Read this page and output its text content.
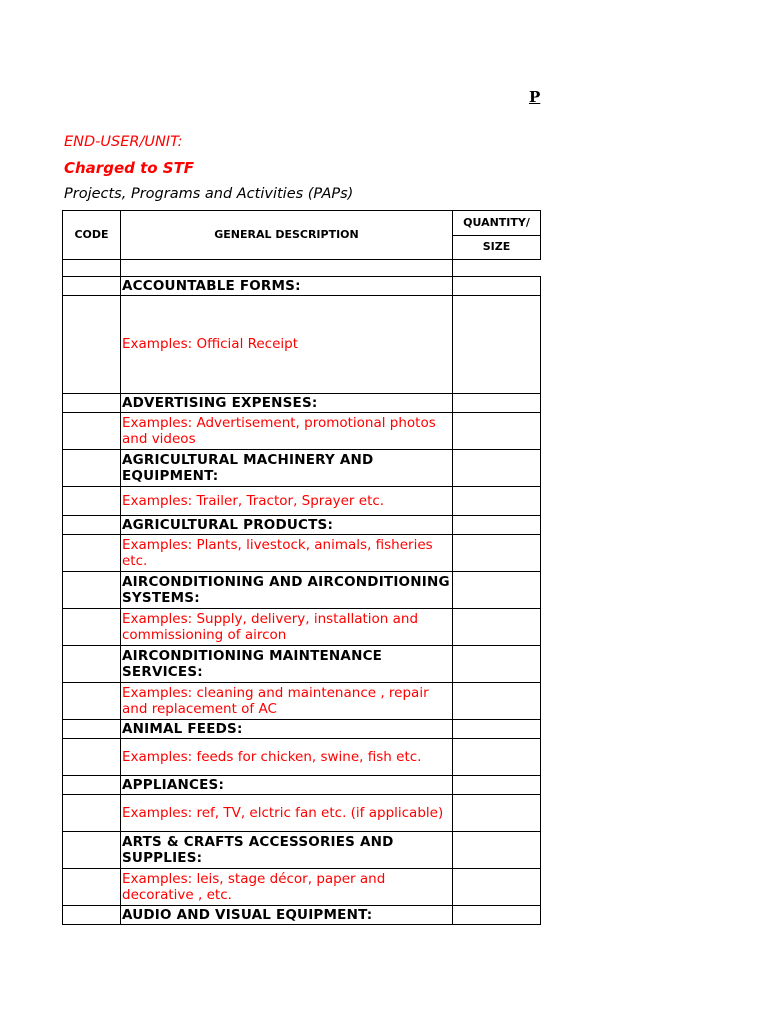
P
END-USER/UNIT:
Charged to STF
Projects, Programs and Activities (PAPs)
CODE	GENERAL DESCRIPTION	QUANTITY/
		SIZE

	ACCOUNTABLE FORMS:	
	Examples: Official Receipt	
	ADVERTISING EXPENSES:	
	Examples: Advertisement, promotional photos and videos	
	AGRICULTURAL MACHINERY AND EQUIPMENT:	
	Examples: Trailer, Tractor, Sprayer etc.	
	AGRICULTURAL PRODUCTS:	
	Examples: Plants, livestock, animals, fisheries etc.	
	AIRCONDITIONING AND AIRCONDITIONING SYSTEMS:	
	Examples: Supply, delivery, installation and commissioning of aircon	
	AIRCONDITIONING MAINTENANCE SERVICES:	
	Examples: cleaning and maintenance , repair and replacement of AC	
	ANIMAL FEEDS:	
	Examples: feeds for chicken, swine, fish etc.	
	APPLIANCES:	
	Examples: ref, TV, elctric fan etc. (if applicable)	
	ARTS & CRAFTS ACCESSORIES AND SUPPLIES:	
	Examples: leis, stage décor, paper and decorative , etc.	
	AUDIO AND VISUAL EQUIPMENT:	
